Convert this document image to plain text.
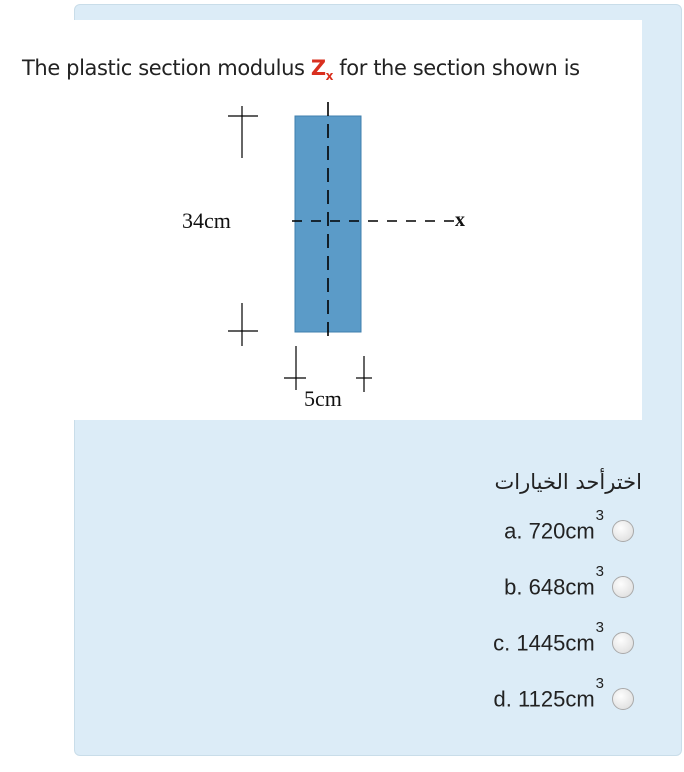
The plastic section modulus $Z_x$ for the section shown is
34cm
5cm
x
اخترأحد الخيارات
a. $720cm^3$
b. $648cm^3$
c. $1445cm^3$
d. $1125cm^3$
